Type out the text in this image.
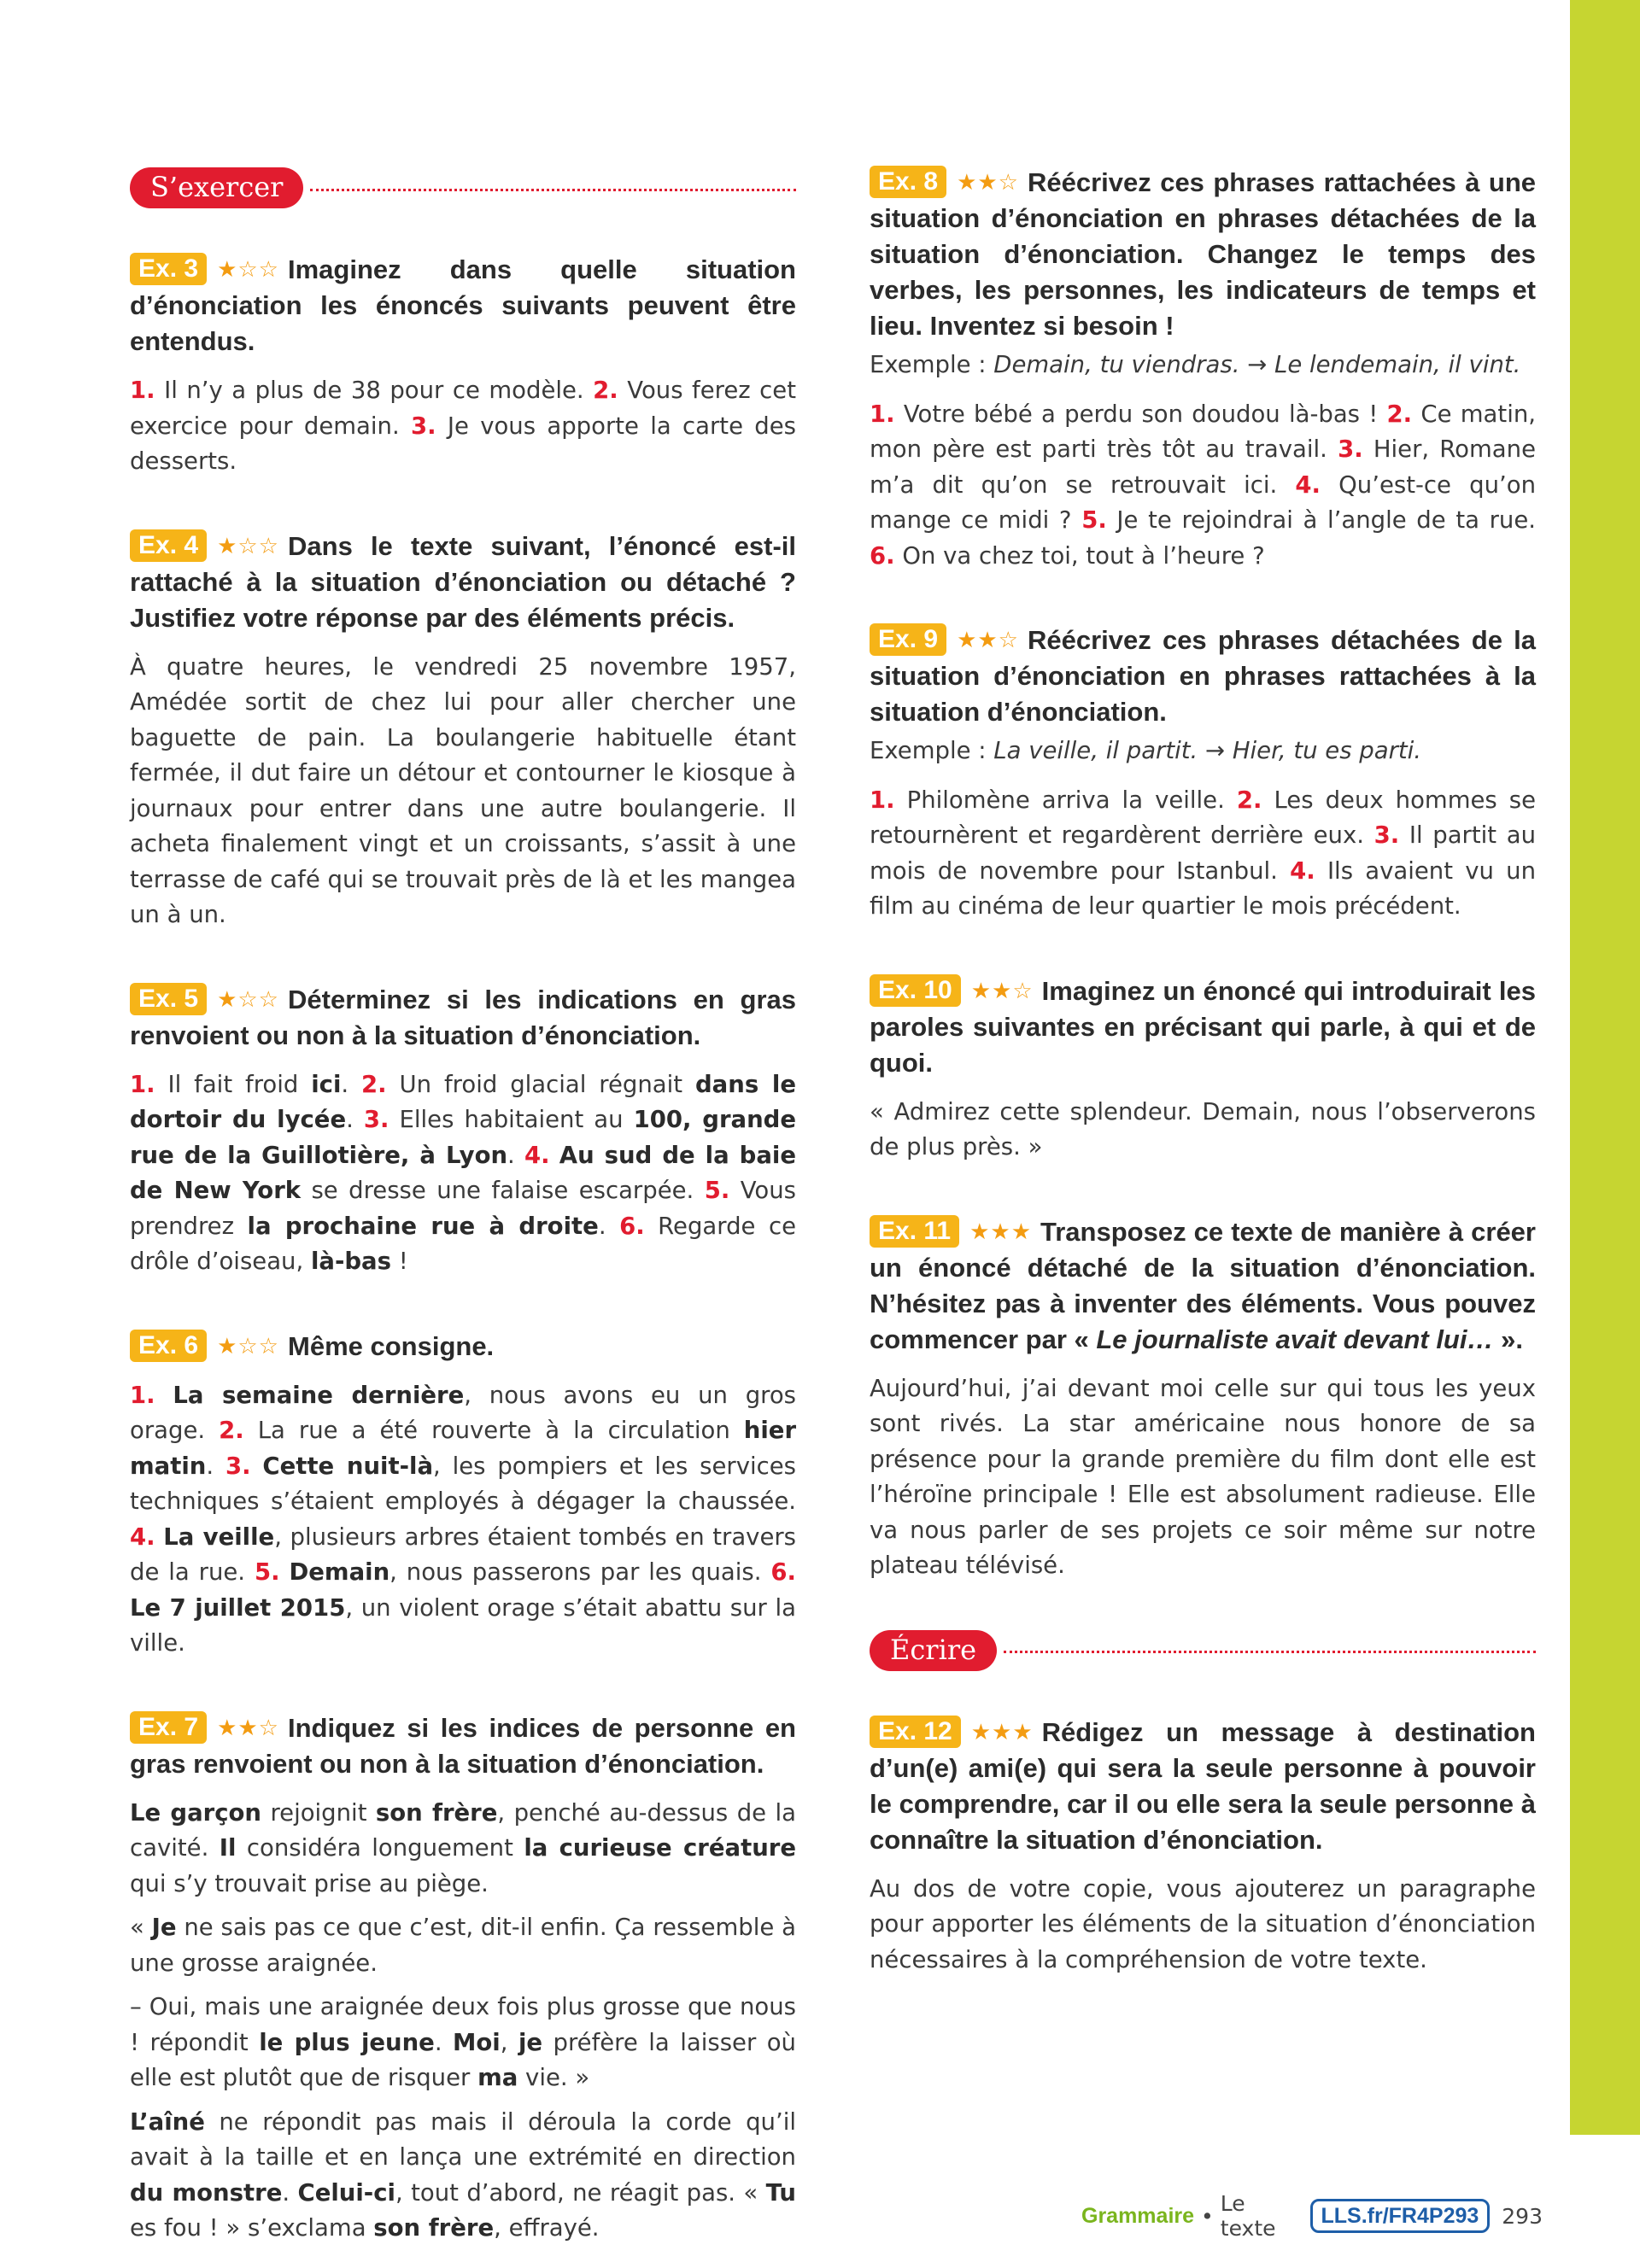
S’exercer
Ex. 3 ★☆☆ Imaginez dans quelle situation d’énonciation les énoncés suivants peuvent être entendus.
1. Il n’y a plus de 38 pour ce modèle. 2. Vous ferez cet exercice pour demain. 3. Je vous apporte la carte des desserts.
Ex. 4 ★☆☆ Dans le texte suivant, l’énoncé est-il rattaché à la situation d’énonciation ou détaché ? Justifiez votre réponse par des éléments précis.
À quatre heures, le vendredi 25 novembre 1957, Amédée sortit de chez lui pour aller chercher une baguette de pain. La boulangerie habituelle étant fermée, il dut faire un détour et contourner le kiosque à journaux pour entrer dans une autre boulangerie. Il acheta finalement vingt et un croissants, s’assit à une terrasse de café qui se trouvait près de là et les mangea un à un.
Ex. 5 ★☆☆ Déterminez si les indications en gras renvoient ou non à la situation d’énonciation.
1. Il fait froid ici. 2. Un froid glacial régnait dans le dortoir du lycée. 3. Elles habitaient au 100, grande rue de la Guillotière, à Lyon. 4. Au sud de la baie de New York se dresse une falaise escarpée. 5. Vous prendrez la prochaine rue à droite. 6. Regarde ce drôle d’oiseau, là-bas !
Ex. 6 ★☆☆ Même consigne.
1. La semaine dernière, nous avons eu un gros orage. 2. La rue a été rouverte à la circulation hier matin. 3. Cette nuit-là, les pompiers et les services techniques s’étaient employés à dégager la chaussée. 4. La veille, plusieurs arbres étaient tombés en travers de la rue. 5. Demain, nous passerons par les quais. 6. Le 7 juillet 2015, un violent orage s’était abattu sur la ville.
Ex. 7 ★★☆ Indiquez si les indices de personne en gras renvoient ou non à la situation d’énonciation.
Le garçon rejoignit son frère, penché au-dessus de la cavité. Il considéra longuement la curieuse créature qui s’y trouvait prise au piège.
« Je ne sais pas ce que c’est, dit-il enfin. Ça ressemble à une grosse araignée.
– Oui, mais une araignée deux fois plus grosse que nous ! répondit le plus jeune. Moi, je préfère la laisser où elle est plutôt que de risquer ma vie. »
L’aîné ne répondit pas mais il déroula la corde qu’il avait à la taille et en lança une extrémité en direction du monstre. Celui-ci, tout d’abord, ne réagit pas. « Tu es fou ! » s’exclama son frère, effrayé.
Ex. 8 ★★☆ Réécrivez ces phrases rattachées à une situation d’énonciation en phrases détachées de la situation d’énonciation. Changez le temps des verbes, les personnes, les indicateurs de temps et lieu. Inventez si besoin !
Exemple : Demain, tu viendras. → Le lendemain, il vint.
1. Votre bébé a perdu son doudou là-bas ! 2. Ce matin, mon père est parti très tôt au travail. 3. Hier, Romane m’a dit qu’on se retrouvait ici. 4. Qu’est-ce qu’on mange ce midi ? 5. Je te rejoindrai à l’angle de ta rue. 6. On va chez toi, tout à l’heure ?
Ex. 9 ★★☆ Réécrivez ces phrases détachées de la situation d’énonciation en phrases rattachées à la situation d’énonciation.
Exemple : La veille, il partit. → Hier, tu es parti.
1. Philomène arriva la veille. 2. Les deux hommes se retournèrent et regardèrent derrière eux. 3. Il partit au mois de novembre pour Istanbul. 4. Ils avaient vu un film au cinéma de leur quartier le mois précédent.
Ex. 10 ★★☆ Imaginez un énoncé qui introduirait les paroles suivantes en précisant qui parle, à qui et de quoi.
« Admirez cette splendeur. Demain, nous l’observerons de plus près. »
Ex. 11 ★★★ Transposez ce texte de manière à créer un énoncé détaché de la situation d’énonciation. N’hésitez pas à inventer des éléments. Vous pouvez commencer par « Le journaliste avait devant lui… ».
Aujourd’hui, j’ai devant moi celle sur qui tous les yeux sont rivés. La star américaine nous honore de sa présence pour la grande première du film dont elle est l’héroïne principale ! Elle est absolument radieuse. Elle va nous parler de ses projets ce soir même sur notre plateau télévisé.
Écrire
Ex. 12 ★★★ Rédigez un message à destination d’un(e) ami(e) qui sera la seule personne à pouvoir le comprendre, car il ou elle sera la seule personne à connaître la situation d’énonciation.
Au dos de votre copie, vous ajouterez un paragraphe pour apporter les éléments de la situation d’énonciation nécessaires à la compréhension de votre texte.
Grammaire • Le texte	LLS.fr/FR4P293	293
